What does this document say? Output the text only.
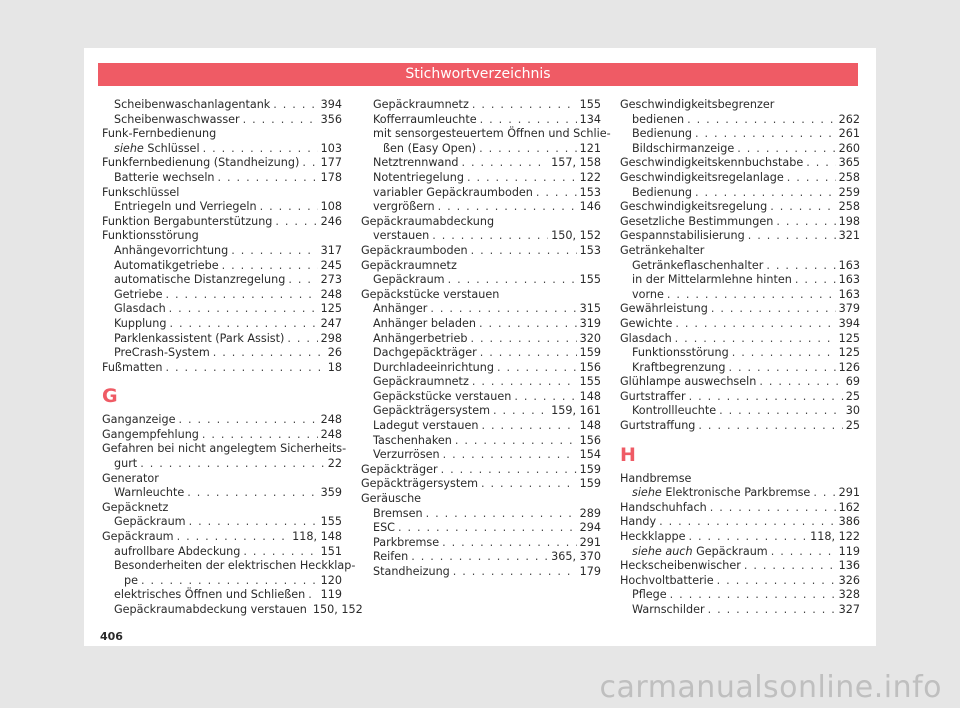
Stichwortverzeichnis
Scheibenwaschanlagentank . . .	394
Scheibenwaschwasser . . .	356
Funk-Fernbedienung
siehe Schlüssel . . .	103
Funkfernbedienung (Standheizung) . . . 177
Batterie wechseln . . .	178
Funkschlüssel
Entriegeln und Verriegeln . . .	108
Funktion Bergabunterstützung . . .	246
Funktionsstörung
Anhängevorrichtung . . .	317
Automatikgetriebe . . .	245
automatische Distanzregelung . . .	273
Getriebe . . .	248
Glasdach . . .	125
Kupplung . . .	247
Parklenkassistent (Park Assist) . . .	298
PreCrash-System . . .	26
Fußmatten . . .	18
G
Ganganzeige . . .	248
Gangempfehlung . . .	248
Gefahren bei nicht angelegtem Sicherheits-
gurt . . .	22
Generator
Warnleuchte . . .	359
Gepäcknetz
Gepäckraum . . .	155
Gepäckraum . . .	118, 148
aufrollbare Abdeckung . . .	151
Besonderheiten der elektrischen Heckklap-
pe . . .	120
elektrisches Öffnen und Schließen . . . 119
Gepäckraumabdeckung verstauen 150, 152
Gepäckraumnetz . . .	155
Kofferraumleuchte . . .	134
mit sensorgesteuertem Öffnen und Schlie-
ßen (Easy Open) . . .	121
Netztrennwand . . .	157, 158
Notentriegelung . . .	122
variabler Gepäckraumboden . . .	153
vergrößern . . .	146
Gepäckraumabdeckung
verstauen . . .	150, 152
Gepäckraumboden . . .	153
Gepäckraumnetz
Gepäckraum . . .	155
Gepäckstücke verstauen
Anhänger . . .	315
Anhänger beladen . . .	319
Anhängerbetrieb . . .	320
Dachgepäckträger . . .	159
Durchladeeinrichtung . . .	156
Gepäckraumnetz . . .	155
Gepäckstücke verstauen . . .	148
Gepäckträgersystem . . .	159, 161
Ladegut verstauen . . .	148
Taschenhaken . . .	156
Verzurrösen . . .	154
Gepäckträger . . .	159
Gepäckträgersystem . . .	159
Geräusche
Bremsen . . .	289
ESC . . .	294
Parkbremse . . .	291
Reifen . . .	365, 370
Standheizung . . .	179
Geschwindigkeitsbegrenzer
bedienen . . .	262
Bedienung . . .	261
Bildschirmanzeige . . .	260
Geschwindigkeitskennbuchstabe . . .	365
Geschwindigkeitsregelanlage . . .	258
Bedienung . . .	259
Geschwindigkeitsregelung . . .	258
Gesetzliche Bestimmungen . . .	198
Gespannstabilisierung . . .	321
Getränkehalter
Getränkeflaschenhalter . . .	163
in der Mittelarmlehne hinten . . .	163
vorne . . .	163
Gewährleistung . . .	379
Gewichte . . .	394
Glasdach . . .	125
Funktionsstörung . . .	125
Kraftbegrenzung . . .	126
Glühlampe auswechseln . . .	69
Gurtstraffer . . .	25
Kontrollleuchte . . .	30
Gurtstraffung . . .	25
H
Handbremse
siehe Elektronische Parkbremse . . .	291
Handschuhfach . . .	162
Handy . . .	386
Heckklappe . . .	118, 122
siehe auch Gepäckraum . . .	119
Heckscheibenwischer . . .	136
Hochvoltbatterie . . .	326
Pflege . . .	328
Warnschilder . . .	327
406
carmanualsonline.info
